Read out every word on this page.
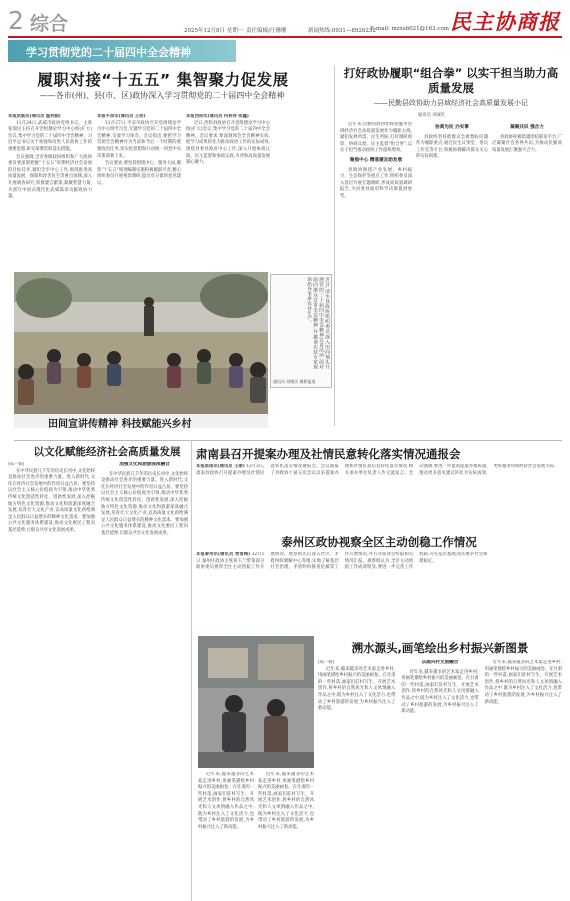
2 综合	2025年12月8日 星期一 责任编辑/汪珊珊	新闻热线:0931—8926232
E-mail: mzxsb021@163.com 民主协商报
学习贯彻党的二十届四中全会精神
履职对接“十五五” 集智聚力促发展
——各市(州)、县(市、区)政协深入学习贯彻党的二十届四中全会精神
本报武威讯(通讯员 温利娟)

11月24日,武威市政协党组书记、主席张瑞民主持召开党组理论学习中心组(扩大)会议,集中学习党的二十届四中全会精神、习近平总书记关于加强和改进人民政协工作的重要思想,研究部署贯彻落实措施。

会议强调,全市各级政协组织和广大政协委员要深刻把握“十五五”时期经济社会发展的目标任务,紧扣全市中心工作,围绕推进高质量发展、保障和改善民生等重点领域,深入开展调查研究,积极建言献策,凝聚智慧力量,为谱写中国式现代化武威篇章贡献政协力量。

本报平凉讯(通讯员 王妍)

11月27日,平凉市政协召开党组理论学习中心组学习会,专题学习党的二十届四中全会精神,交流学习体会。会议指出,要把学习贯彻全会精神作为当前和今后一个时期的重要政治任务,切实把思想和行动统一到党中央决策部署上来。

会议要求,要坚持围绕中心、服务大局,聚焦“十五五”规划编制实施积极履职尽责,精心组织委员开展视察调研,提出有分量的意见建议。

本报西和讯(通讯员 何莉萍 张鑫)

近日,西和县政协召开党组理论学习中心组(扩大)会议,集中学习党的二十届四中全会精神。会议要求,要深刻领会全会精神实质,把学习成果转化为推动政协工作的实际成效,围绕县委县政府中心工作,深入开展协商议政、民主监督和参政议政,为西和高质量发展凝心聚力。

近日,清水县政协组织委员深入田间地头开展党的二十届四中全会精神宣讲活动,面对面向群众宣讲全会精神,并邀请农技专家现场指导冬季农业生产。
通讯员 刘维民 摄影报道
田间宣讲传精神 科技赋能兴乡村
打好政协履职“组合拳” 以实干担当助力高质量发展
——民勤县政协助力县域经济社会高质量发展小记
通讯员 刘成红

近年来,民勤县政协始终把服务县域经济社会高质量发展作为履职主线,紧扣发展所需、民生所盼,打好调研视察、协商议政、民主监督“组合拳”,以实干担当推动政协工作提质增效。

聚焦中心 精准建言助发展

县政协围绕产业发展、乡村振兴、生态保护等重点工作,组织委员深入基层开展专题调研,形成高质量调研报告,为县委县政府科学决策提供参考。

协商为民 办实事

县政协坚持把群众急难愁盼问题作为履职重点,通过民生议事堂、委员工作室等平台,积极协调解决群众关心的实际困难。

凝聚共识 强合力

县政协积极搭建团结联谊平台,广泛凝聚社会各界共识,为推动民勤高质量发展汇聚强大合力。

肃南县召开提案办理及社情民意转化落实情况通报会
本报肃南讯(通讯员 王丽) 12月3日,肃南县政协召开提案办理及社情民意转化落实情况通报会。会议通报了县政协十届五次会议以来提案办理和社情民意信息转化落实情况,相关承办单位负责人作交流发言。会议强调,要进一步提高提案办理质量,推动更多意见建议转化为实际成效,更好服务县域经济社会发展大局。
泰州区政协视察全区主动创稳工作情况
本报秦州讯(通讯员 贾雪梅) 12月1日,秦州区政协主席何玉兰带领部分政协委员视察全区主动创稳工作开展情况。视察组先后深入社区、矛盾纠纷调解中心等地,实地了解基层社会治理、矛盾纠纷排查化解等工作开展情况,并召开座谈会听取相关情况汇报。视察组认为,全区主动创稳工作成效明显,要进一步完善工作机制,夯实基层基础,切实维护社会和谐稳定。
以文化赋能经济社会高质量发展
(郑一娟)

在中华民族几千年的历史长河中,文化始终是推动社会进步的重要力量。进入新时代,文化在经济社会发展中的作用日益凸显。要坚持以社会主义核心价值观为引领,推动中华优秀传统文化创造性转化、创新性发展,深入挖掘地方特色文化资源,推动文化和旅游深度融合发展,培育壮大文化产业,以高质量文化供给满足人民群众日益增长的精神文化需求。要加强公共文化服务体系建设,推动文化惠民工程向基层延伸,让群众共享文化发展成果。

加强文化和旅游深度融合

在中华民族几千年的历史长河中,文化始终是推动社会进步的重要力量。进入新时代,文化在经济社会发展中的作用日益凸显。要坚持以社会主义核心价值观为引领,推动中华优秀传统文化创造性转化、创新性发展,深入挖掘地方特色文化资源,推动文化和旅游深度融合发展,培育壮大文化产业,以高质量文化供给满足人民群众日益增长的精神文化需求。要加强公共文化服务体系建设,推动文化惠民工程向基层延伸,让群众共享文化发展成果。

溯水源头,画笔绘出乡村振兴新图景
(郑一娟)

近年来,越来越多的艺术家走进乡村,用画笔描绘乡村振兴的美丽画卷。在甘肃的一些村落,画家们驻村写生、开展艺术创作,将乡村的自然风光和人文风情融入作品之中,既为乡村注入了文化活力,也带动了乡村旅游的发展,为乡村振兴注入了新动能。

以画兴村文旅融合

近年来,越来越多的艺术家走进乡村,用画笔描绘乡村振兴的美丽画卷。在甘肃的一些村落,画家们驻村写生、开展艺术创作,将乡村的自然风光和人文风情融入作品之中,既为乡村注入了文化活力,也带动了乡村旅游的发展,为乡村振兴注入了新动能。

近年来,越来越多的艺术家走进乡村,用画笔描绘乡村振兴的美丽画卷。在甘肃的一些村落,画家们驻村写生、开展艺术创作,将乡村的自然风光和人文风情融入作品之中,既为乡村注入了文化活力,也带动了乡村旅游的发展,为乡村振兴注入了新动能。

近年来,越来越多的艺术家走进乡村,用画笔描绘乡村振兴的美丽画卷。在甘肃的一些村落,画家们驻村写生、开展艺术创作,将乡村的自然风光和人文风情融入作品之中,既为乡村注入了文化活力,也带动了乡村旅游的发展,为乡村振兴注入了新动能。

近年来,越来越多的艺术家走进乡村,用画笔描绘乡村振兴的美丽画卷。在甘肃的一些村落,画家们驻村写生、开展艺术创作,将乡村的自然风光和人文风情融入作品之中,既为乡村注入了文化活力,也带动了乡村旅游的发展,为乡村振兴注入了新动能。
